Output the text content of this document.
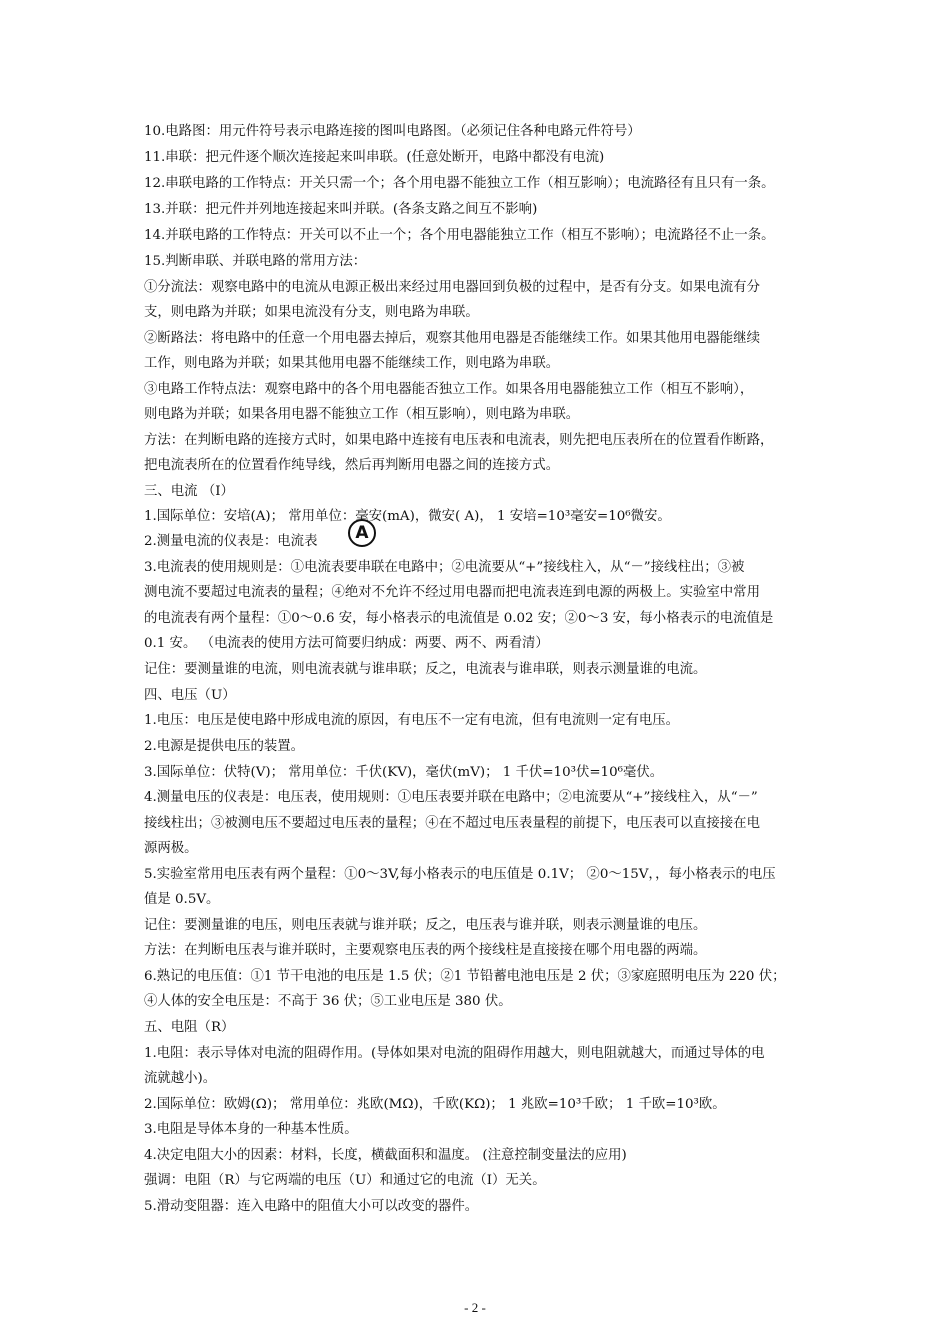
10.电路图：用元件符号表示电路连接的图叫电路图。（必须记住各种电路元件符号）
11.串联：把元件逐个顺次连接起来叫串联。(任意处断开，电路中都没有电流)
12.串联电路的工作特点：开关只需一个；各个用电器不能独立工作（相互影响）；电流路径有且只有一条。
13.并联：把元件并列地连接起来叫并联。(各条支路之间互不影响)
14.并联电路的工作特点：开关可以不止一个；各个用电器能独立工作（相互不影响）；电流路径不止一条。
15.判断串联、并联电路的常用方法：
①分流法：观察电路中的电流从电源正极出来经过用电器回到负极的过程中，是否有分支。如果电流有分
支，则电路为并联；如果电流没有分支，则电路为串联。
②断路法：将电路中的任意一个用电器去掉后，观察其他用电器是否能继续工作。如果其他用电器能继续
工作，则电路为并联；如果其他用电器不能继续工作，则电路为串联。
③电路工作特点法：观察电路中的各个用电器能否独立工作。如果各用电器能独立工作（相互不影响），
则电路为并联；如果各用电器不能独立工作（相互影响），则电路为串联。
方法：在判断电路的连接方式时，如果电路中连接有电压表和电流表，则先把电压表所在的位置看作断路，
把电流表所在的位置看作纯导线，然后再判断用电器之间的连接方式。
三、电流 （I）
1.国际单位：安培(A)； 常用单位：毫安(mA)，微安( A)， 1 安培=10³毫安=10⁶微安。
2.测量电流的仪表是：电流表
3.电流表的使用规则是：①电流表要串联在电路中；②电流要从“+”接线柱入，从“－”接线柱出；③被
测电流不要超过电流表的量程；④绝对不允许不经过用电器而把电流表连到电源的两极上。实验室中常用
的电流表有两个量程：①0～0.6 安，每小格表示的电流值是 0.02 安；②0～3 安，每小格表示的电流值是
0.1 安。 （电流表的使用方法可简要归纳成：两要、两不、两看清）
记住：要测量谁的电流，则电流表就与谁串联；反之，电流表与谁串联，则表示测量谁的电流。
四、电压（U）
1.电压：电压是使电路中形成电流的原因，有电压不一定有电流，但有电流则一定有电压。
2.电源是提供电压的装置。
3.国际单位：伏特(V)； 常用单位：千伏(KV)，毫伏(mV)； 1 千伏=10³伏=10⁶毫伏。
4.测量电压的仪表是：电压表，使用规则：①电压表要并联在电路中；②电流要从“+”接线柱入，从“－”
接线柱出；③被测电压不要超过电压表的量程；④在不超过电压表量程的前提下，电压表可以直接接在电
源两极。
5.实验室常用电压表有两个量程：①0～3V,每小格表示的电压值是 0.1V； ②0～15V，，每小格表示的电压
值是 0.5V。
记住：要测量谁的电压，则电压表就与谁并联；反之，电压表与谁并联，则表示测量谁的电压。
方法：在判断电压表与谁并联时，主要观察电压表的两个接线柱是直接接在哪个用电器的两端。
6.熟记的电压值：①1 节干电池的电压是 1.5 伏；②1 节铅蓄电池电压是 2 伏；③家庭照明电压为 220 伏；
④人体的安全电压是：不高于 36 伏；⑤工业电压是 380 伏。
五、电阻（R）
1.电阻：表示导体对电流的阻碍作用。(导体如果对电流的阻碍作用越大，则电阻就越大，而通过导体的电
流就越小)。
2.国际单位：欧姆(Ω)； 常用单位：兆欧(MΩ)，千欧(KΩ)； 1 兆欧=10³千欧； 1 千欧=10³欧。
3.电阻是导体本身的一种基本性质。
4.决定电阻大小的因素：材料，长度，横截面积和温度。 (注意控制变量法的应用)
强调：电阻（R）与它两端的电压（U）和通过它的电流（I）无关。
5.滑动变阻器：连入电路中的阻值大小可以改变的器件。
A
- 2 -
